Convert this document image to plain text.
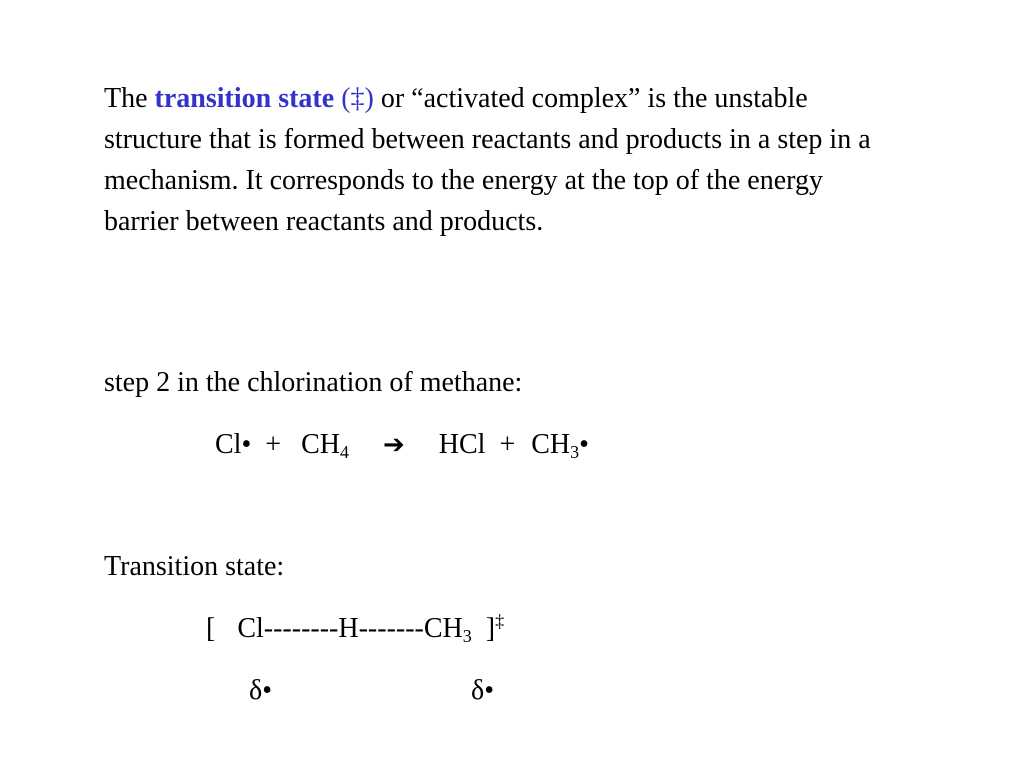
The transition state (‡) or “activated complex” is the unstable structure that is formed between reactants and products in a step in a mechanism. It corresponds to the energy at the top of the energy barrier between reactants and products.
step 2 in the chlorination of methane:
Cl• + $CH_4$ ➔ HCl + $CH_3•$
Transition state:
[ $Cl--------H-------CH_3$ ]‡
δ•	δ•
